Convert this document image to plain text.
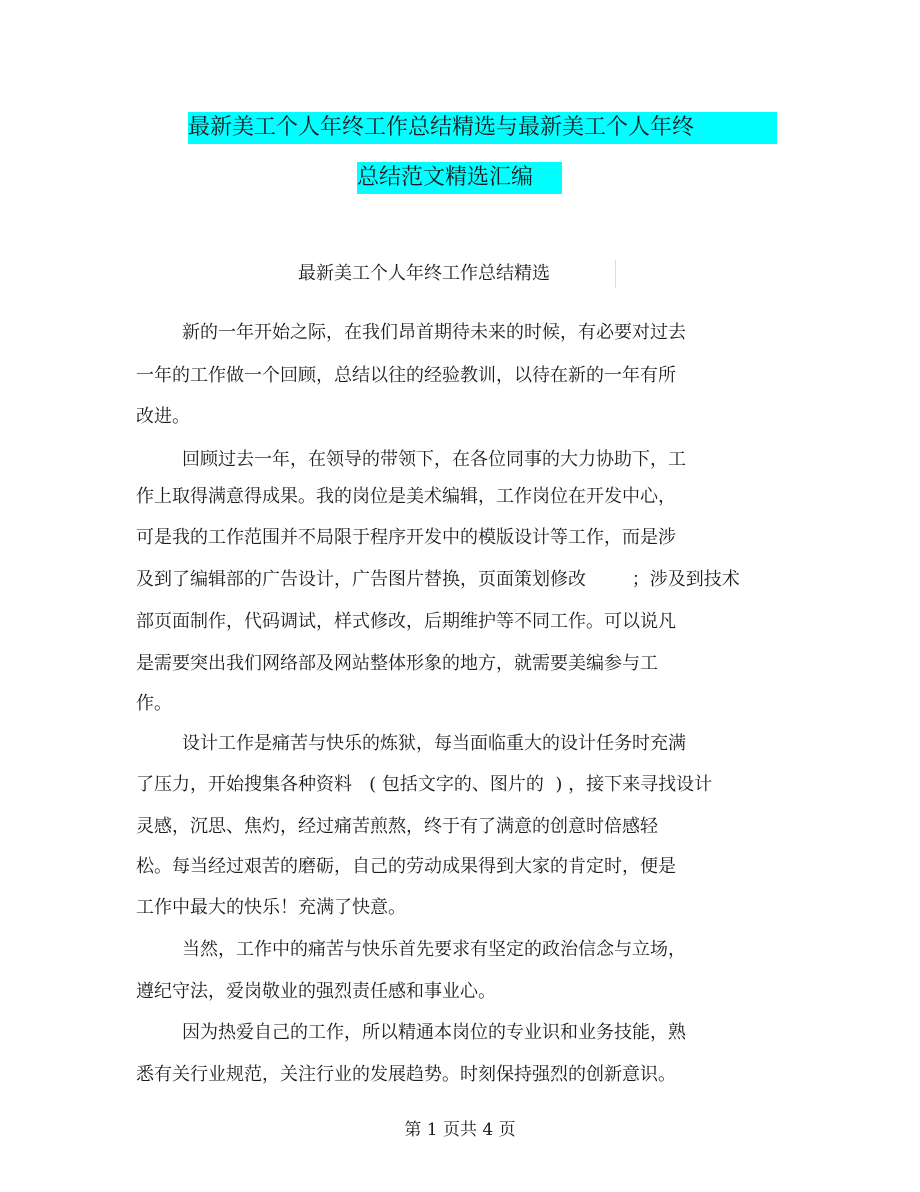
最新美工个人年终工作总结精选与最新美工个人年终
总结范文精选汇编
最新美工个人年终工作总结精选
新的一年开始之际，在我们昂首期待未来的时候，有必要对过去
一年的工作做一个回顾，总结以往的经验教训，以待在新的一年有所
改进。
回顾过去一年，在领导的带领下，在各位同事的大力协助下，工
作上取得满意得成果。我的岗位是美术编辑，工作岗位在开发中心，
可是我的工作范围并不局限于程序开发中的模版设计等工作，而是涉
及到了编辑部的广告设计，广告图片替换，页面策划修改        ；涉及到技术
部页面制作，代码调试，样式修改，后期维护等不同工作。可以说凡
是需要突出我们网络部及网站整体形象的地方，就需要美编参与工
作。
设计工作是痛苦与快乐的炼狱，每当面临重大的设计任务时充满
了压力，开始搜集各种资料   ( 包括文字的、图片的  ) ，接下来寻找设计
灵感，沉思、焦灼，经过痛苦煎熬，终于有了满意的创意时倍感轻
松。每当经过艰苦的磨砺，自己的劳动成果得到大家的肯定时，便是
工作中最大的快乐！充满了快意。
当然，工作中的痛苦与快乐首先要求有坚定的政治信念与立场，
遵纪守法，爱岗敬业的强烈责任感和事业心。
因为热爱自己的工作，所以精通本岗位的专业识和业务技能，熟
悉有关行业规范，关注行业的发展趋势。时刻保持强烈的创新意识。
第 1 页共 4 页
